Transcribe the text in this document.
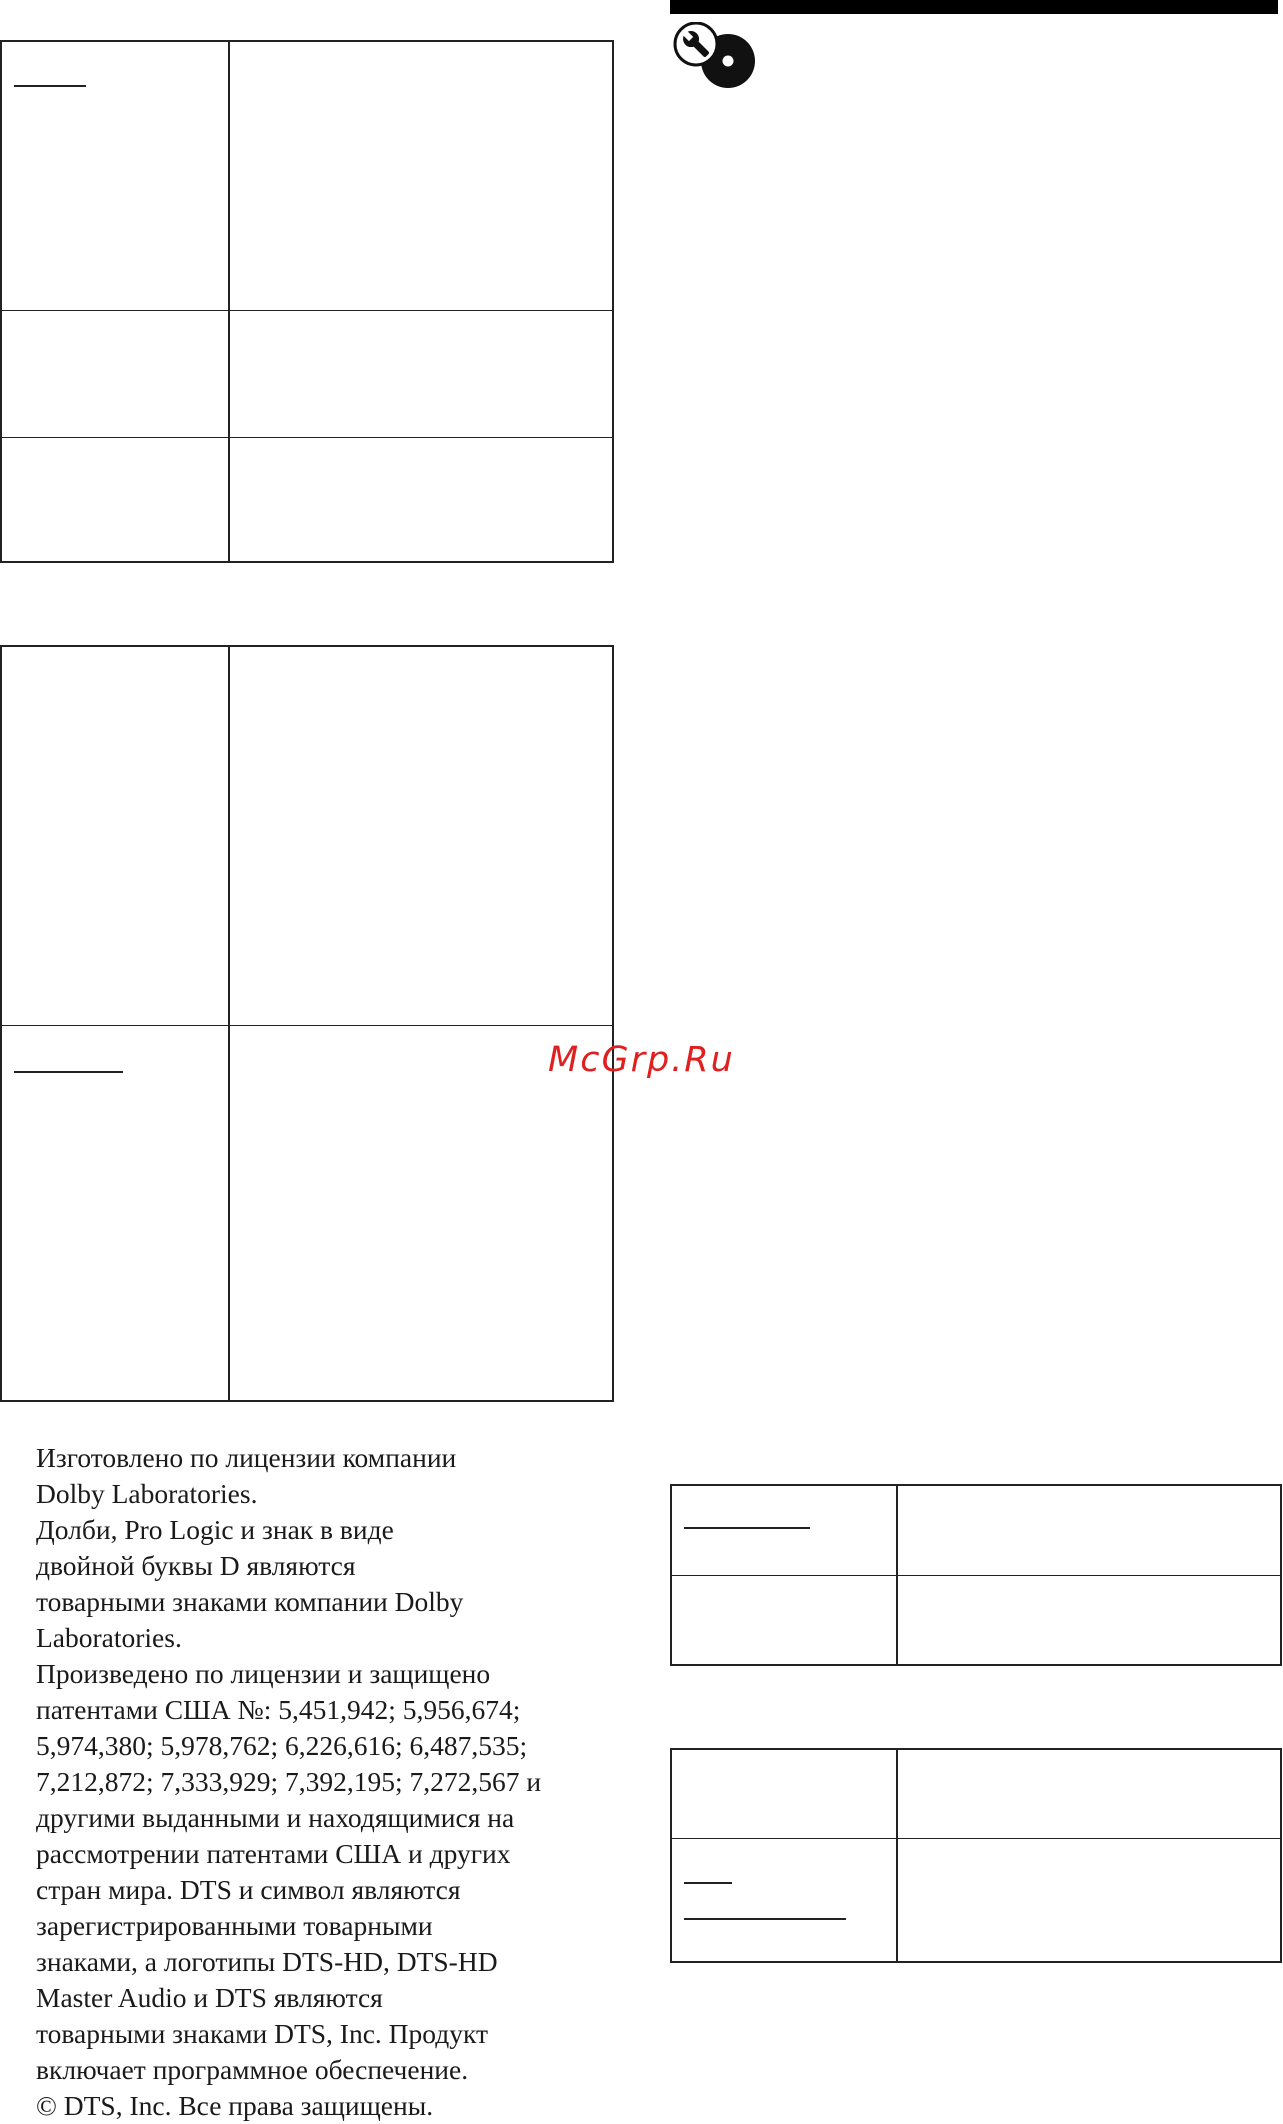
McGrp.Ru

Изготовлено по лицензии компании

Dolby Laboratories.

Долби, Pro Logic и знак в виде

двойной буквы D являются

товарными знаками компании Dolby

Laboratories.

Произведено по лицензии и защищено

патентами США №: 5,451,942; 5,956,674;

5,974,380; 5,978,762; 6,226,616; 6,487,535;

7,212,872; 7,333,929; 7,392,195; 7,272,567 и

другими выданными и находящимися на

рассмотрении патентами США и других

стран мира. DTS и символ являются

зарегистрированными товарными

знаками, а логотипы DTS-HD, DTS-HD

Master Audio и DTS являются

товарными знаками DTS, Inc. Продукт

включает программное обеспечение.

© DTS, Inc. Все права защищены.
